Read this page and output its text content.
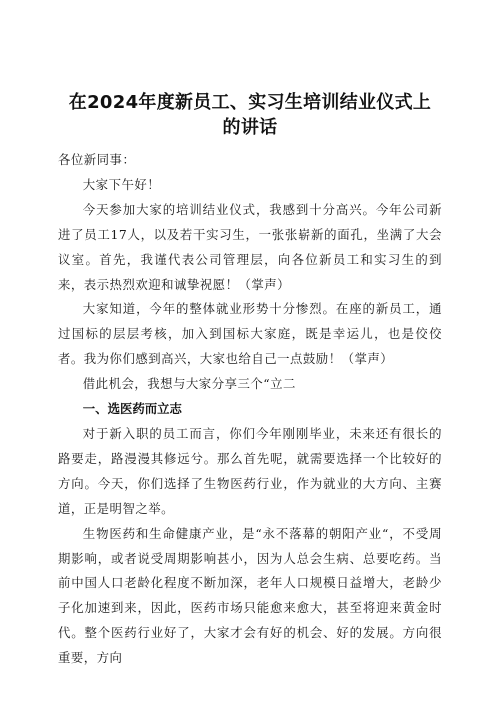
在2024年度新员工、实习生培训结业仪式上
的讲话

各位新同事：

大家下午好！

今天参加大家的培训结业仪式，我感到十分高兴。今年公司新进了员工17人，以及若干实习生，一张张崭新的面孔，坐满了大会议室。首先，我谨代表公司管理层，向各位新员工和实习生的到来，表示热烈欢迎和诚挚祝愿！（掌声）

大家知道，今年的整体就业形势十分惨烈。在座的新员工，通过国标的层层考核，加入到国标大家庭，既是幸运儿，也是佼佼者。我为你们感到高兴，大家也给自己一点鼓励！（掌声）

借此机会，我想与大家分享三个“立二

一、选医药而立志

对于新入职的员工而言，你们今年刚刚毕业，未来还有很长的路要走，路漫漫其修远兮。那么首先呢，就需要选择一个比较好的方向。今天，你们选择了生物医药行业，作为就业的大方向、主赛道，正是明智之举。

生物医药和生命健康产业，是“永不落幕的朝阳产业“，不受周期影响，或者说受周期影响甚小，因为人总会生病、总要吃药。当前中国人口老龄化程度不断加深，老年人口规模日益增大，老龄少子化加速到来，因此，医药市场只能愈来愈大，甚至将迎来黄金时代。整个医药行业好了，大家才会有好的机会、好的发展。方向很重要，方向
